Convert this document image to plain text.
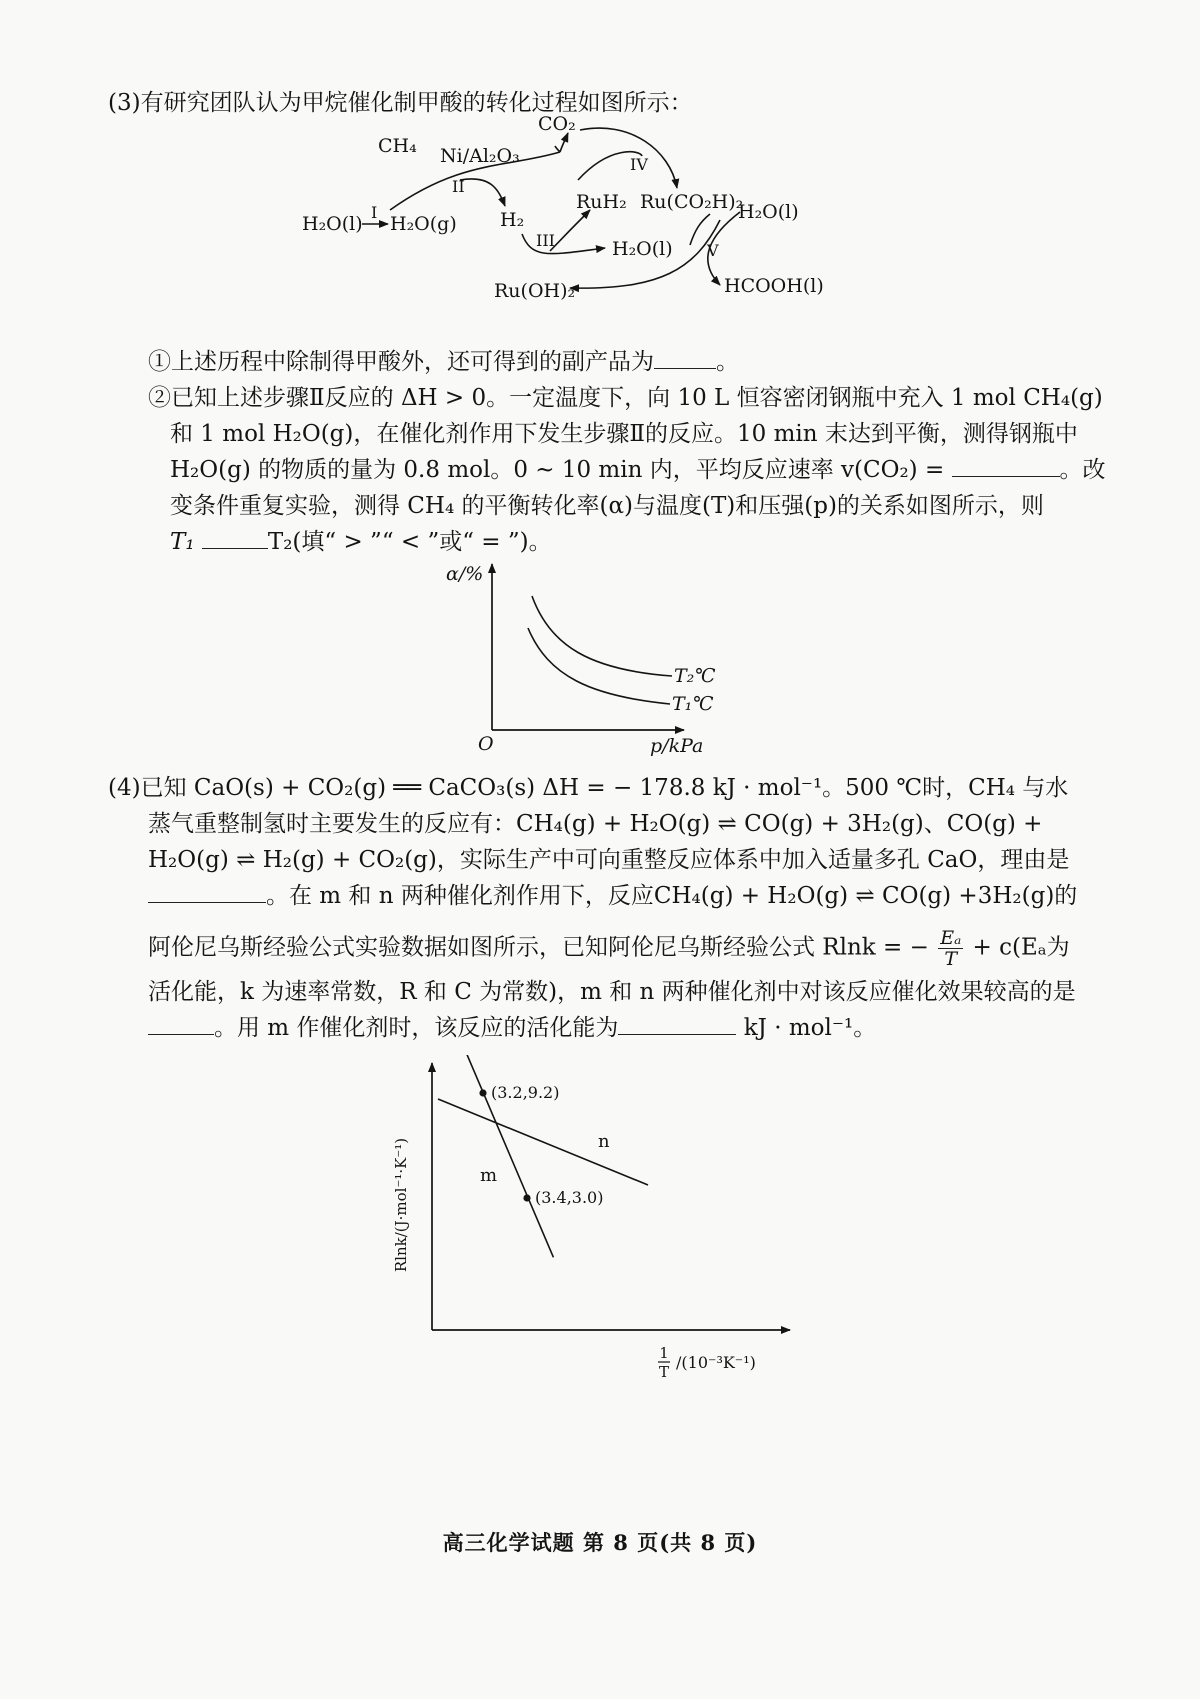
(3)有研究团队认为甲烷催化制甲酸的转化过程如图所示：
CH₄ Ni/Al₂O₃
CO₂
I
II
III
IV
V
H₂O(l) H₂O(g) H₂
RuH₂ Ru(CO₂H)₂
H₂O(l)
H₂O(l)
Ru(OH)₂	HCOOH(l)
①上述历程中除制得甲酸外，还可得到的副产品为	。
②已知上述步骤Ⅱ反应的 ΔH > 0。一定温度下，向 10 L 恒容密闭钢瓶中充入 1 mol CH₄(g)
和 1 mol H₂O(g)，在催化剂作用下发生步骤Ⅱ的反应。10 min 末达到平衡，测得钢瓶中
H₂O(g) 的物质的量为 0.8 mol。0 ~ 10 min 内，平均反应速率 v(CO₂) =	。改
变条件重复实验，测得 CH₄ 的平衡转化率(α)与温度(T)和压强(p)的关系如图所示，则
T₁	T₂(填“ > ”“ < ”或“ = ”)。
α/%
p/kPa
O
T₂℃
T₁℃
(4)已知 CaO(s) + CO₂(g) ══ CaCO₃(s) ΔH = − 178.8 kJ · mol⁻¹。500 ℃时，CH₄ 与水
蒸气重整制氢时主要发生的反应有：CH₄(g) + H₂O(g) ⇌ CO(g) + 3H₂(g)、CO(g) +
H₂O(g) ⇌ H₂(g) + CO₂(g)，实际生产中可向重整反应体系中加入适量多孔 CaO，理由是
。在 m 和 n 两种催化剂作用下，反应CH₄(g) + H₂O(g) ⇌ CO(g) +3H₂(g)的
阿伦尼乌斯经验公式实验数据如图所示，已知阿伦尼乌斯经验公式 Rlnk = − $\frac{\text{Eₐ}}{T} + c(E_a$为
活化能，k 为速率常数，R 和 C 为常数)，m 和 n 两种催化剂中对该反应催化效果较高的是
。用 m 作催化剂时，该反应的活化能为	kJ · mol⁻¹。
(3.2,9.2)
(3.4,3.0)
m
n
Rlnk/(J·mol⁻¹·K⁻¹)
1
T /(10⁻³K⁻¹)
高三化学试题 第 8 页(共 8 页)
